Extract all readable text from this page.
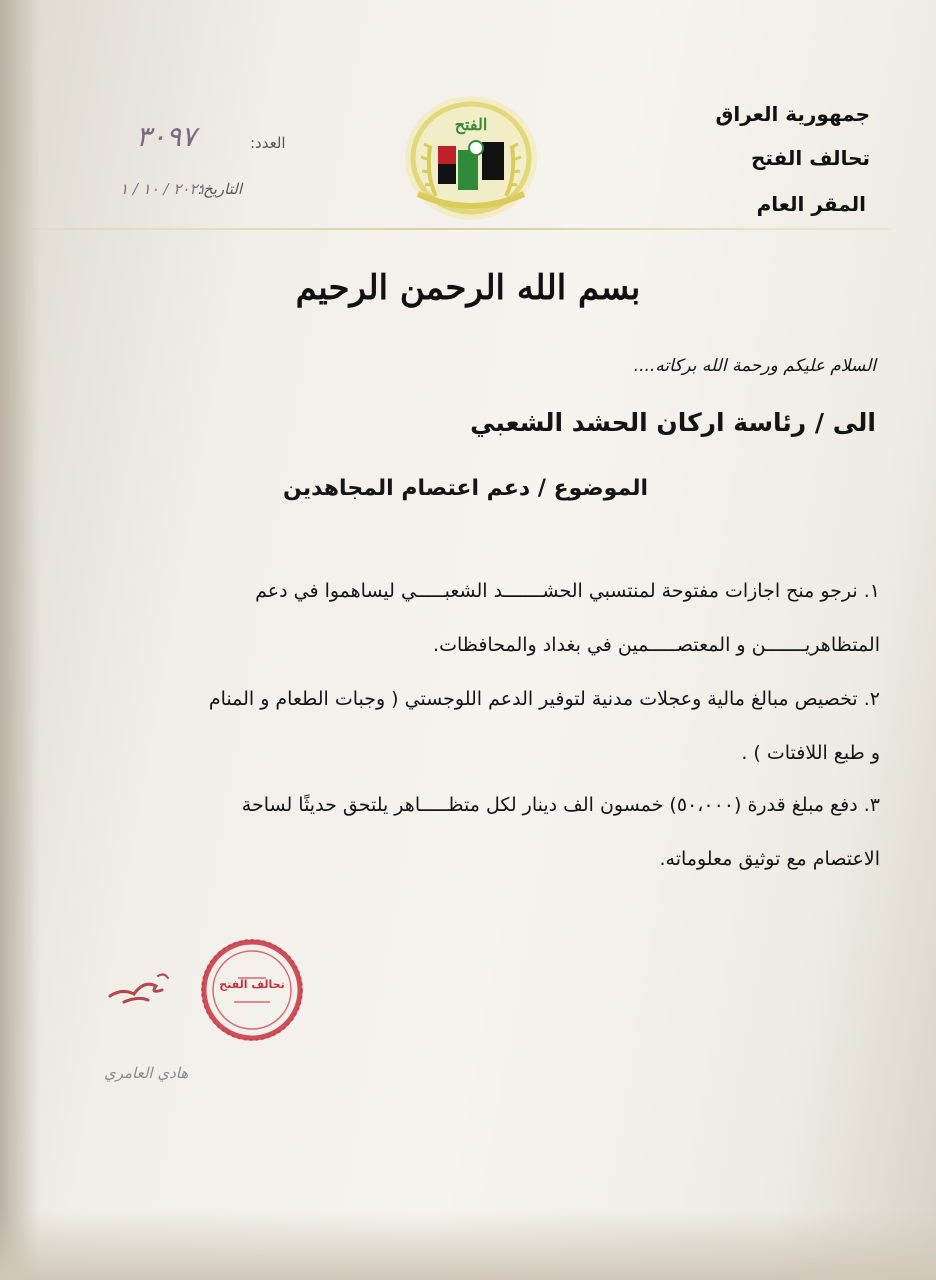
جمهورية العراق
تحالف الفتح
المقر العام
العدد:
٣٠٩٧
التاريخ:
٢٠٢١ / ١٠ / ١
الفتح
بسم الله الرحمن الرحيم
السلام عليكم ورحمة الله بركاته....
الى / رئاسة اركان الحشد الشعبي
الموضوع / دعم اعتصام المجاهدين
١. نرجو منح اجازات مفتوحة لمنتسبي الحشـــــــد الشعبـــــي ليساهموا في دعم
المتظاهريـــــــن و المعتصـــــمين في بغداد والمحافظات.
٢. تخصيص مبالغ مالية وعجلات مدنية لتوفير الدعم اللوجستي ( وجبات الطعام و المنام
و طبع اللافتات ) .
٣. دفع مبلغ قدرة (٥٠،٠٠٠) خمسون الف دينار لكل متظـــــاهر يلتحق حديثًا لساحة
الاعتصام مع توثيق معلوماته.
تحالف الفتح
هادي العامري
